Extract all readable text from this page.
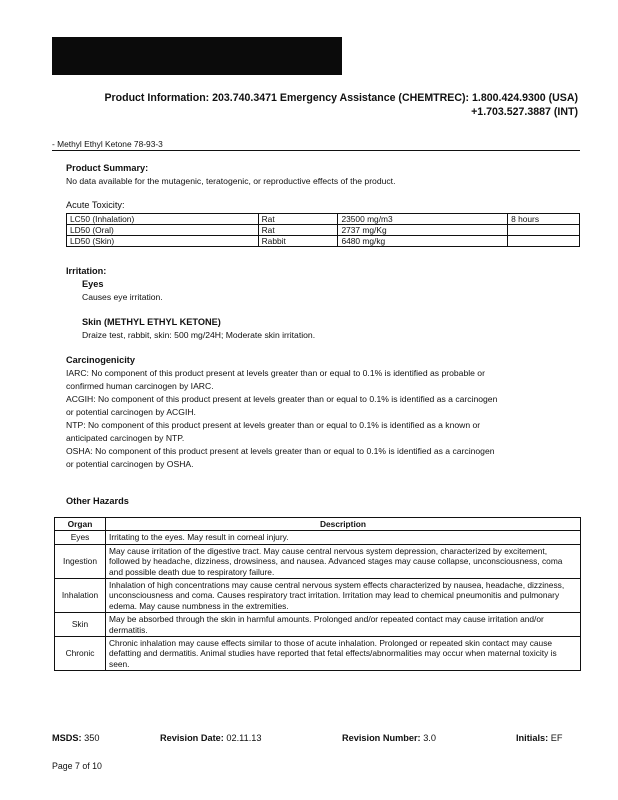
Product Information: 203.740.3471 Emergency Assistance (CHEMTREC): 1.800.424.9300 (USA)
+1.703.527.3887 (INT)
- Methyl Ethyl Ketone 78-93-3
Product Summary:
No data available for the mutagenic, teratogenic, or reproductive effects of the product.
Acute Toxicity:
LC50 (Inhalation)	Rat	23500 mg/m3	8 hours
LD50 (Oral)	Rat	2737 mg/Kg	
LD50 (Skin)	Rabbit	6480 mg/kg	
Irritation:
Eyes
Causes eye irritation.
Skin (METHYL ETHYL KETONE)
Draize test, rabbit, skin: 500 mg/24H; Moderate skin irritation.
Carcinogenicity
IARC: No component of this product present at levels greater than or equal to 0.1% is identified as probable or
confirmed human carcinogen by IARC.
ACGIH: No component of this product present at levels greater than or equal to 0.1% is identified as a carcinogen
or potential carcinogen by ACGIH.
NTP: No component of this product present at levels greater than or equal to 0.1% is identified as a known or
anticipated carcinogen by NTP.
OSHA: No component of this product present at levels greater than or equal to 0.1% is identified as a carcinogen
or potential carcinogen by OSHA.
Other Hazards
Organ	Description
Eyes	Irritating to the eyes. May result in corneal injury.
Ingestion	May cause irritation of the digestive tract. May cause central nervous system depression, characterized by excitement, followed by headache, dizziness, drowsiness, and nausea. Advanced stages may cause collapse, unconsciousness, coma and possible death due to respiratory failure.
Inhalation	Inhalation of high concentrations may cause central nervous system effects characterized by nausea, headache, dizziness, unconsciousness and coma. Causes respiratory tract irritation. Irritation may lead to chemical pneumonitis and pulmonary edema. May cause numbness in the extremities.
Skin	May be absorbed through the skin in harmful amounts. Prolonged and/or repeated contact may cause irritation and/or dermatitis.
Chronic	Chronic inhalation may cause effects similar to those of acute inhalation. Prolonged or repeated skin contact may cause defatting and dermatitis. Animal studies have reported that fetal effects/abnormalities may occur when maternal toxicity is seen.
MSDS: 350	Revision Date: 02.11.13	Revision Number: 3.0	Initials: EF
Page 7 of 10
